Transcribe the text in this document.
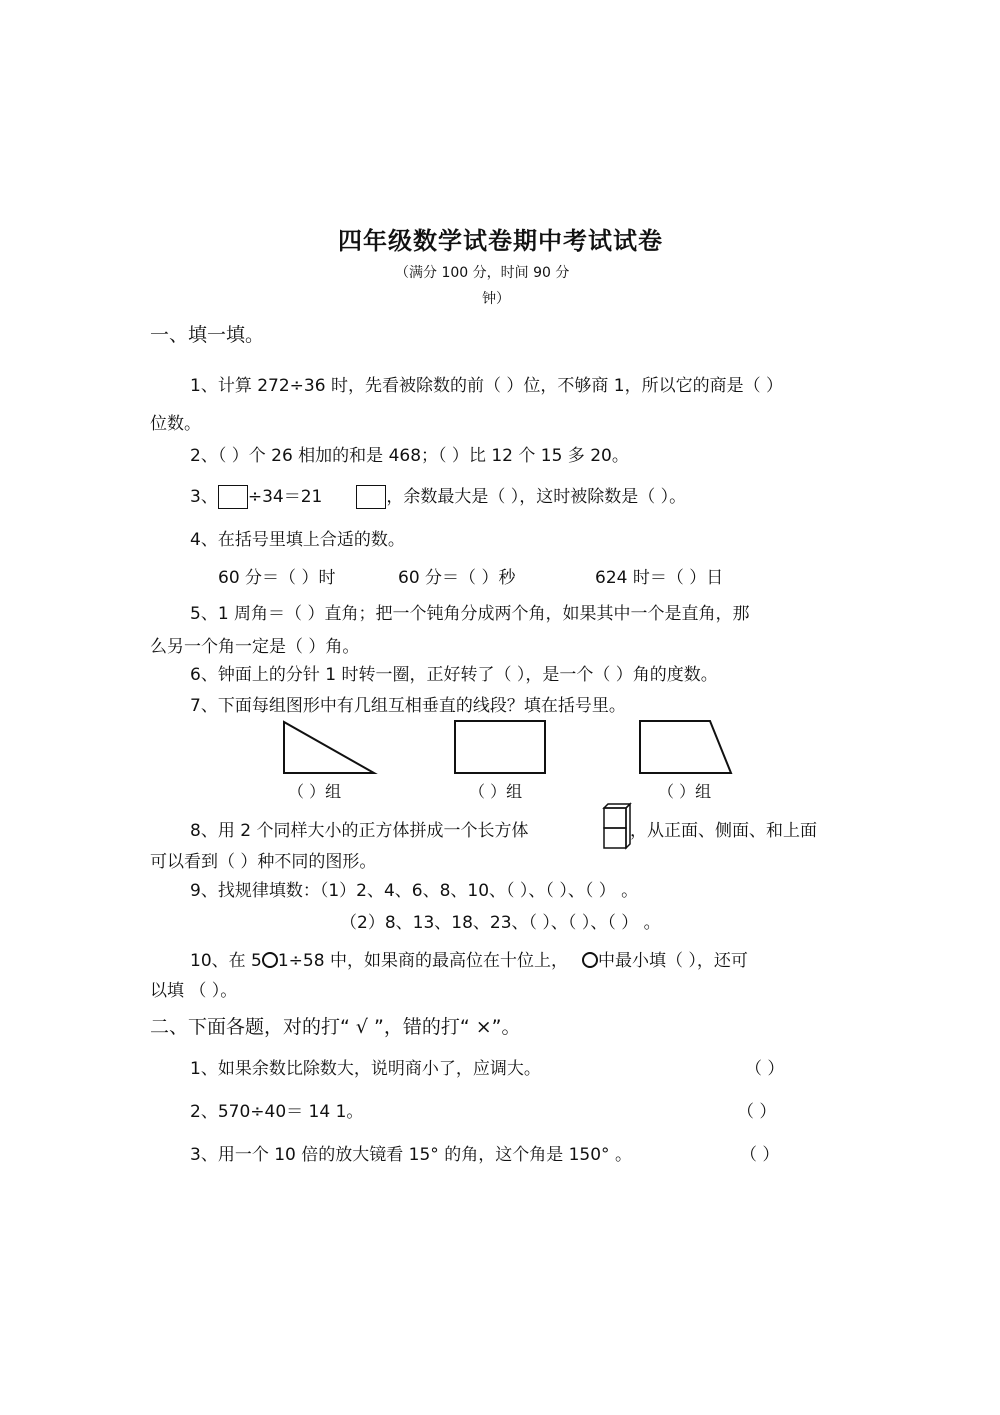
四年级数学试卷期中考试试卷
（满分 100 分，时间 90 分
钟）
一、填一填。
1、计算 272÷36 时，先看被除数的前（ ）位，不够商 1，所以它的商是（ ）
位数。
2、（ ）个 26 相加的和是 468；（ ）比 12 个 15 多 20。
3、 ÷34＝21	，余数最大是（ ），这时被除数是（ ）。
4、在括号里填上合适的数。
60 分＝（ ）时	60 分＝（ ）秒	624 时＝（ ）日
5、1 周角＝（ ）直角；把一个钝角分成两个角，如果其中一个是直角，那
么另一个角一定是（ ）角。
6、钟面上的分针 1 时转一圈，正好转了（ ），是一个（ ）角的度数。
7、下面每组图形中有几组互相垂直的线段？填在括号里。
（ ）组	（ ）组	（ ）组
8、用 2 个同样大小的正方体拼成一个长方体	，从正面、侧面、和上面
可以看到（ ）种不同的图形。
9、找规律填数：（1）2、4、6、8、10、（ ）、（ ）、（ ） 。
（2）8、13、18、23、（ ）、（ ）、（ ） 。
10、在 5 1÷58 中，如果商的最高位在十位上， 中最小填（ ），还可
以填 （ ）。
二、下面各题，对的打“ √ ”，错的打“ ×”。
1、如果余数比除数大，说明商小了，应调大。	（ ）
2、570÷40＝ 14 1。	（ ）
3、用一个 10 倍的放大镜看 15° 的角，这个角是 150° 。	（ ）
